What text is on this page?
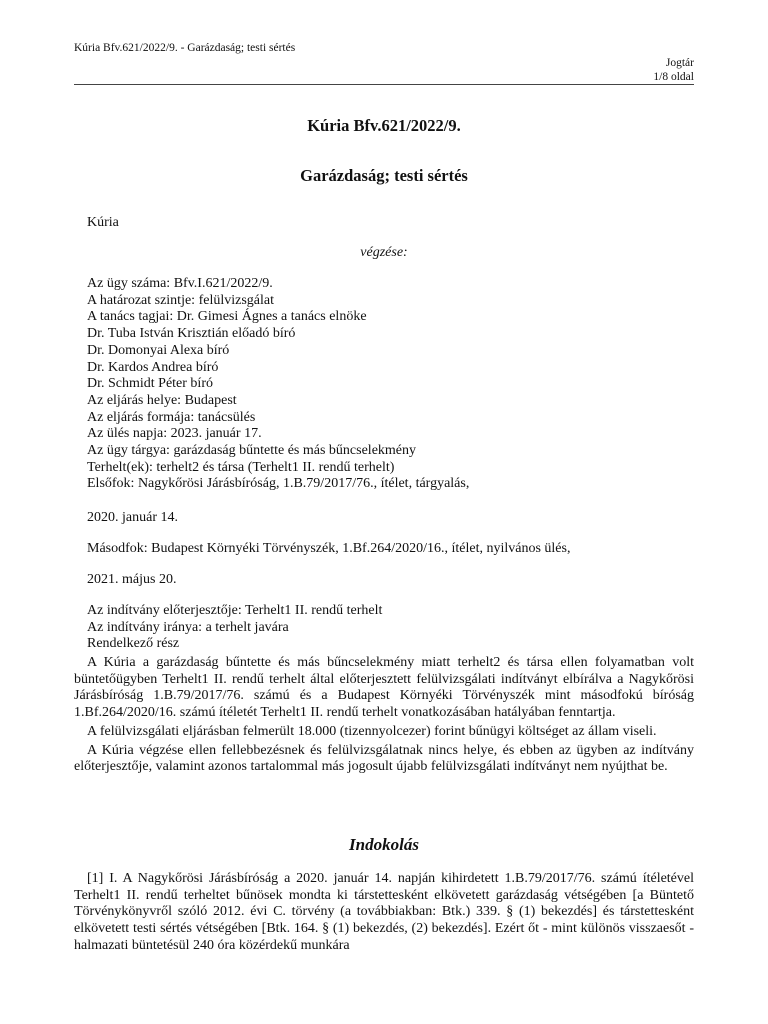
Kúria Bfv.621/2022/9. - Garázdaság; testi sértés
Jogtár
1/8 oldal
Kúria Bfv.621/2022/9.
Garázdaság; testi sértés
Kúria
végzése:
Az ügy száma: Bfv.I.621/2022/9.
A határozat szintje: felülvizsgálat
A tanács tagjai: Dr. Gimesi Ágnes a tanács elnöke
Dr. Tuba István Krisztián előadó bíró
Dr. Domonyai Alexa bíró
Dr. Kardos Andrea bíró
Dr. Schmidt Péter bíró
Az eljárás helye: Budapest
Az eljárás formája: tanácsülés
Az ülés napja: 2023. január 17.
Az ügy tárgya: garázdaság bűntette és más bűncselekmény
Terhelt(ek): terhelt2 és társa (Terhelt1 II. rendű terhelt)
Elsőfok: Nagykőrösi Járásbíróság, 1.B.79/2017/76., ítélet, tárgyalás,
2020. január 14.
Másodfok: Budapest Környéki Törvényszék, 1.Bf.264/2020/16., ítélet, nyilvános ülés,
2021. május 20.
Az indítvány előterjesztője: Terhelt1 II. rendű terhelt
Az indítvány iránya: a terhelt javára
Rendelkező rész
A Kúria a garázdaság bűntette és más bűncselekmény miatt terhelt2 és társa ellen folyamatban volt büntetőügyben Terhelt1 II. rendű terhelt által előterjesztett felülvizsgálati indítványt elbírálva a Nagykőrösi Járásbíróság 1.B.79/2017/76. számú és a Budapest Környéki Törvényszék mint másodfokú bíróság 1.Bf.264/2020/16. számú ítéletét Terhelt1 II. rendű terhelt vonatkozásában hatályában fenntartja.
A felülvizsgálati eljárásban felmerült 18.000 (tizennyolcezer) forint bűnügyi költséget az állam viseli.
A Kúria végzése ellen fellebbezésnek és felülvizsgálatnak nincs helye, és ebben az ügyben az indítvány előterjesztője, valamint azonos tartalommal más jogosult újabb felülvizsgálati indítványt nem nyújthat be.
Indokolás
[1] I. A Nagykőrösi Járásbíróság a 2020. január 14. napján kihirdetett 1.B.79/2017/76. számú ítéletével Terhelt1 II. rendű terheltet bűnösek mondta ki társtettesként elkövetett garázdaság vétségében [a Büntető Törvénykönyvről szóló 2012. évi C. törvény (a továbbiakban: Btk.) 339. § (1) bekezdés] és társtettesként elkövetett testi sértés vétségében [Btk. 164. § (1) bekezdés, (2) bekezdés]. Ezért őt - mint különös visszaesőt - halmazati büntetésül 240 óra közérdekű munkára
